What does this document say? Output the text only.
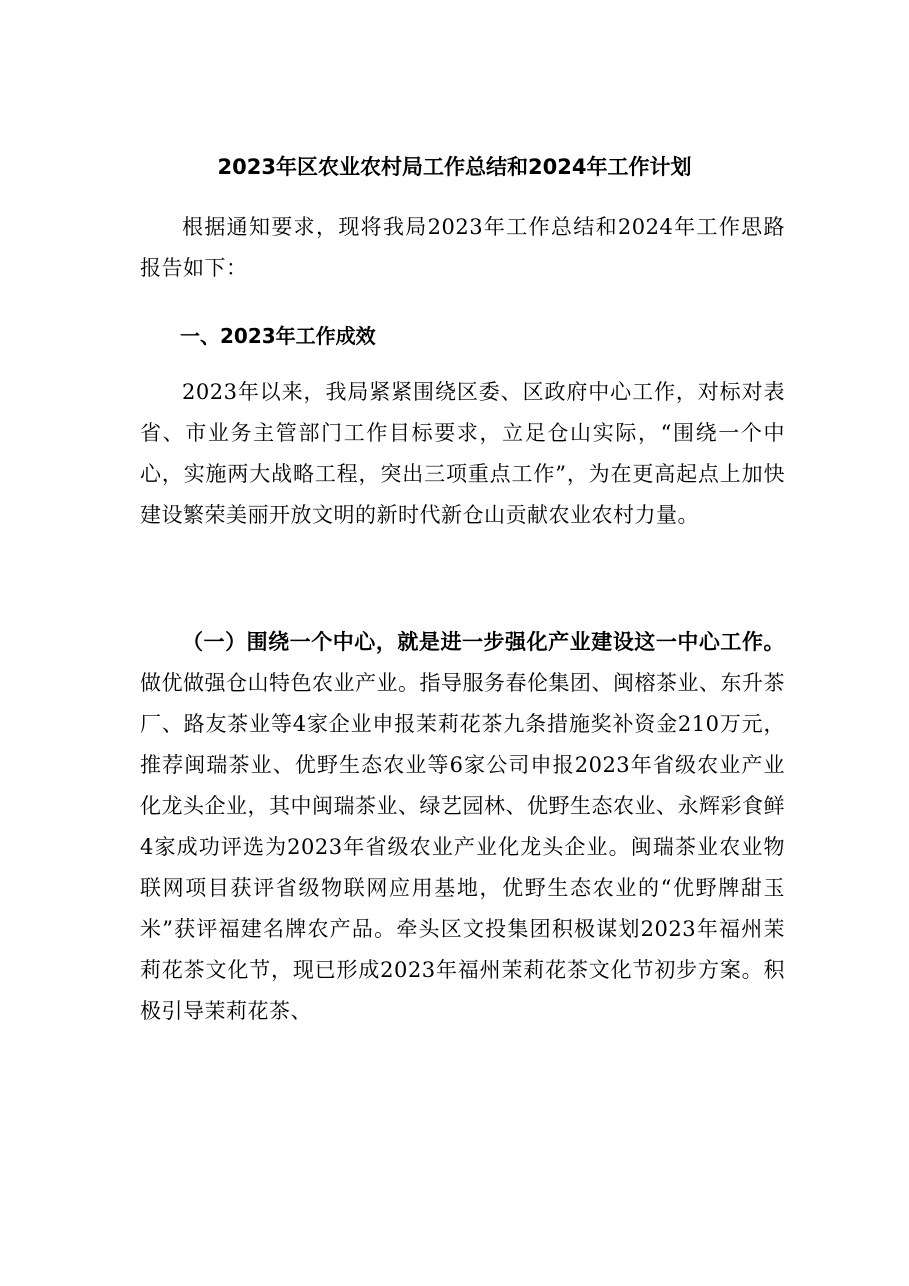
2023年区农业农村局工作总结和2024年工作计划
根据通知要求，现将我局2023年工作总结和2024年工作思路报告如下：
一、2023年工作成效
2023年以来，我局紧紧围绕区委、区政府中心工作，对标对表省、市业务主管部门工作目标要求，立足仓山实际，“围绕一个中心，实施两大战略工程，突出三项重点工作”，为在更高起点上加快建设繁荣美丽开放文明的新时代新仓山贡献农业农村力量。
（一）围绕一个中心，就是进一步强化产业建设这一中心工作。做优做强仓山特色农业产业。指导服务春伦集团、闽榕茶业、东升茶厂、路友茶业等4家企业申报茉莉花茶九条措施奖补资金210万元，推荐闽瑞茶业、优野生态农业等6家公司申报2023年省级农业产业化龙头企业，其中闽瑞茶业、绿艺园林、优野生态农业、永辉彩食鲜4家成功评选为2023年省级农业产业化龙头企业。闽瑞茶业农业物联网项目获评省级物联网应用基地，优野生态农业的“优野牌甜玉米”获评福建名牌农产品。牵头区文投集团积极谋划2023年福州茉莉花茶文化节，现已形成2023年福州茉莉花茶文化节初步方案。积极引导茉莉花茶、
